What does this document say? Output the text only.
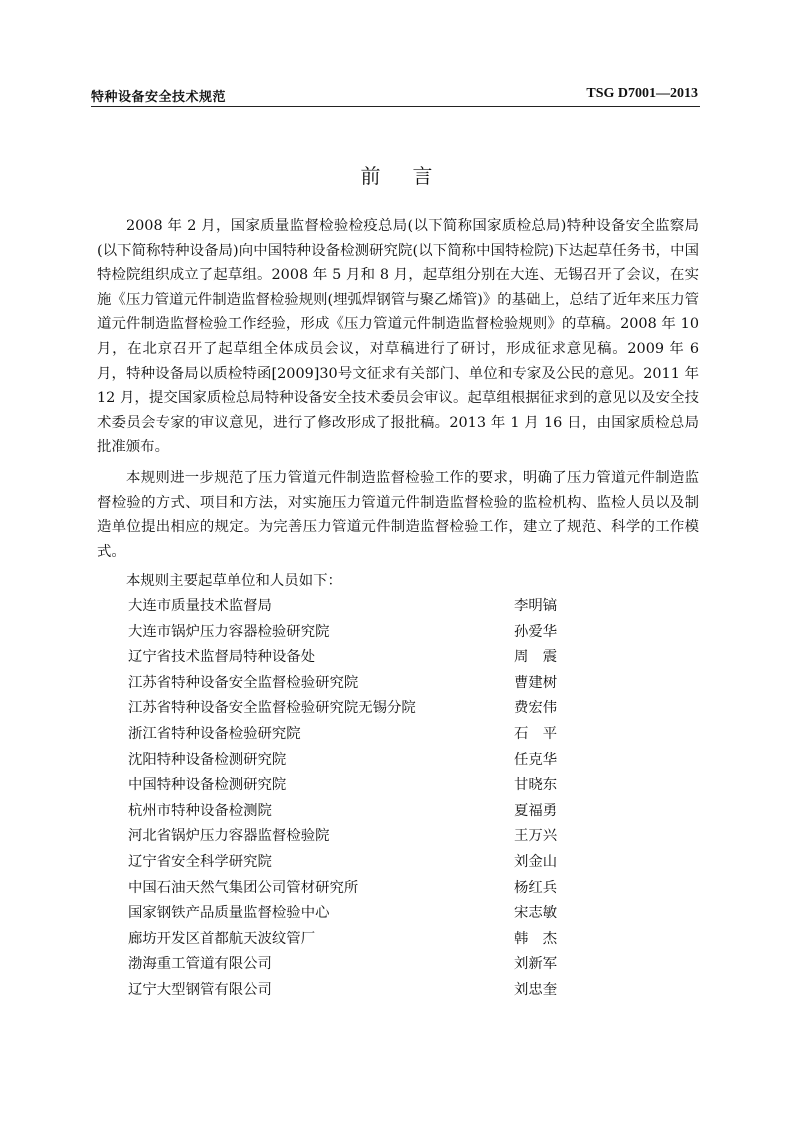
特种设备安全技术规范	TSG D7001—2013
前言

2008 年 2 月，国家质量监督检验检疫总局(以下简称国家质检总局)特种设备安全监察局(以下简称特种设备局)向中国特种设备检测研究院(以下简称中国特检院)下达起草任务书，中国特检院组织成立了起草组。2008 年 5 月和 8 月，起草组分别在大连、无锡召开了会议，在实施《压力管道元件制造监督检验规则(埋弧焊钢管与聚乙烯管)》的基础上，总结了近年来压力管道元件制造监督检验工作经验，形成《压力管道元件制造监督检验规则》的草稿。2008 年 10 月，在北京召开了起草组全体成员会议，对草稿进行了研讨，形成征求意见稿。2009 年 6 月，特种设备局以质检特函[2009]30号文征求有关部门、单位和专家及公民的意见。2011 年 12 月，提交国家质检总局特种设备安全技术委员会审议。起草组根据征求到的意见以及安全技术委员会专家的审议意见，进行了修改形成了报批稿。2013 年 1 月 16 日，由国家质检总局批准颁布。

本规则进一步规范了压力管道元件制造监督检验工作的要求，明确了压力管道元件制造监督检验的方式、项目和方法，对实施压力管道元件制造监督检验的监检机构、监检人员以及制造单位提出相应的规定。为完善压力管道元件制造监督检验工作，建立了规范、科学的工作模式。

本规则主要起草单位和人员如下：

大连市质量技术监督局	李明镐
大连市锅炉压力容器检验研究院	孙爱华
辽宁省技术监督局特种设备处	周　震
江苏省特种设备安全监督检验研究院	曹建树
江苏省特种设备安全监督检验研究院无锡分院	费宏伟
浙江省特种设备检验研究院	石　平
沈阳特种设备检测研究院	任克华
中国特种设备检测研究院	甘晓东
杭州市特种设备检测院	夏福勇
河北省锅炉压力容器监督检验院	王万兴
辽宁省安全科学研究院	刘金山
中国石油天然气集团公司管材研究所	杨红兵
国家钢铁产品质量监督检验中心	宋志敏
廊坊开发区首都航天波纹管厂	韩　杰
渤海重工管道有限公司	刘新军
辽宁大型钢管有限公司	刘忠奎
